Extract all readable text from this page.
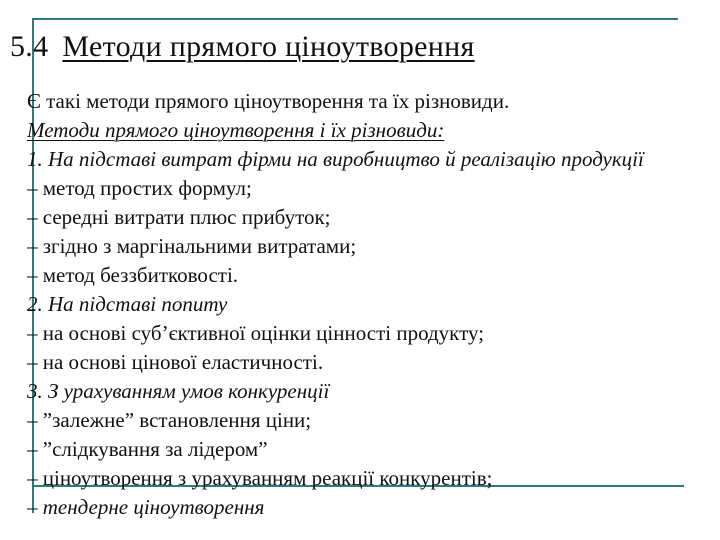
5.4 Методи прямого ціноутворення
Є такі методи прямого ціноутворення та їх різновиди.
Методи прямого ціноутворення і їх різновиди:
1. На підставі витрат фірми на виробництво й реалізацію продукції
– метод простих формул;
– середні витрати плюс прибуток;
– згідно з маргінальними витратами;
– метод беззбитковості.
2. На підставі попиту
– на основі суб’єктивної оцінки цінності продукту;
– на основі цінової еластичності.
3. З урахуванням умов конкуренції
– ”залежне” встановлення ціни;
– ”слідкування за лідером”
– ціноутворення з урахуванням реакції конкурентів;
– тендерне ціноутворення
